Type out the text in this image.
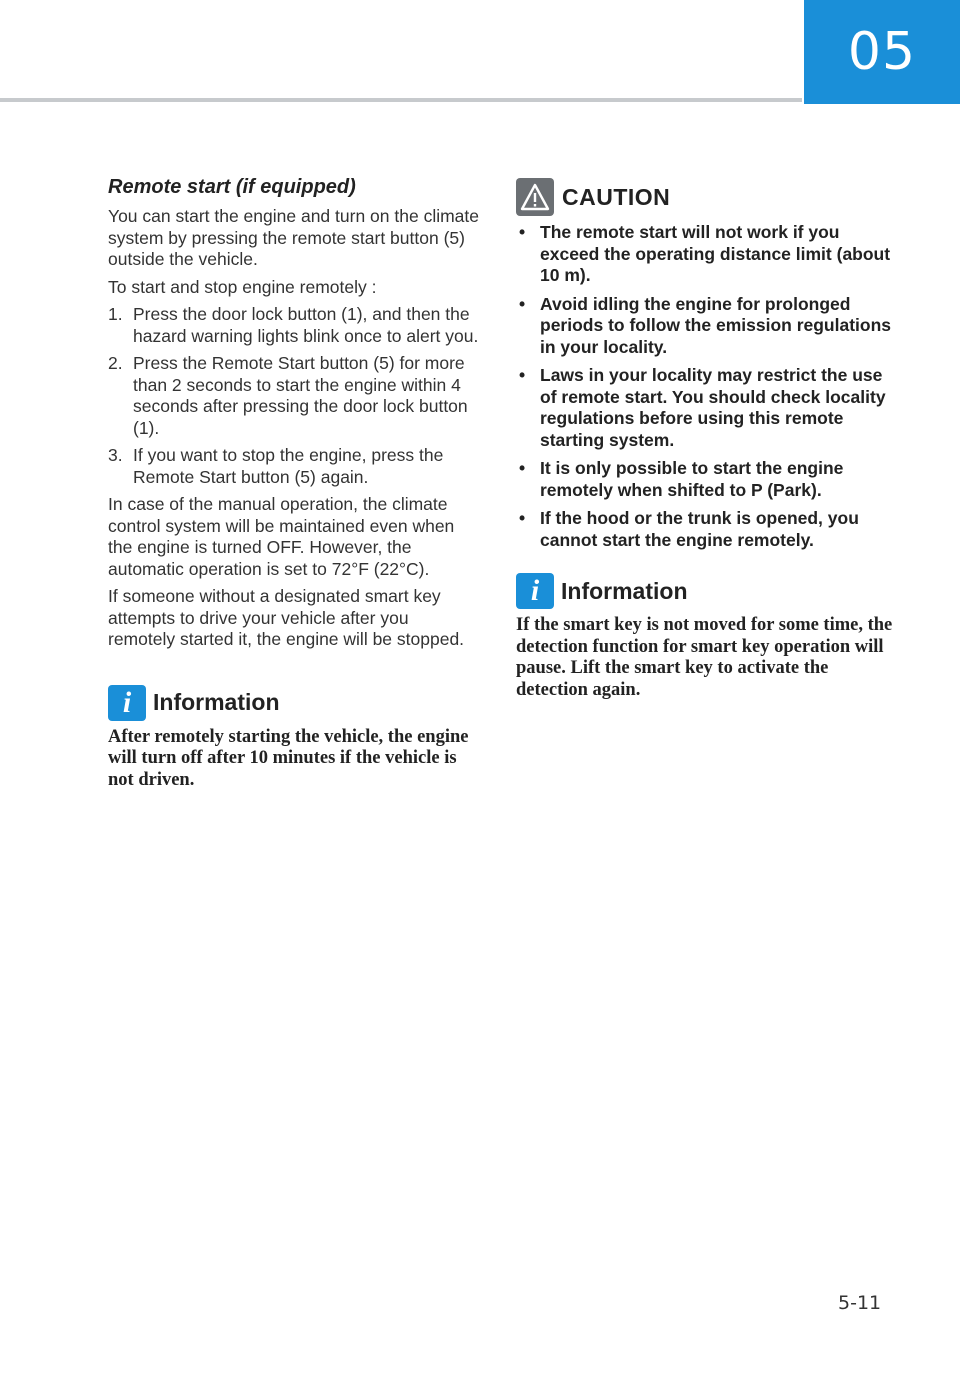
05
Remote start (if equipped)

You can start the engine and turn on the climate system by pressing the remote start button (5) outside the vehicle.

To start and stop engine remotely :

1. Press the door lock button (1), and then the hazard warning lights blink once to alert you.
2. Press the Remote Start button (5) for more than 2 seconds to start the engine within 4 seconds after pressing the door lock button (1).
3. If you want to stop the engine, press the Remote Start button (5) again.

In case of the manual operation, the climate control system will be maintained even when the engine is turned OFF. However, the automatic operation is set to 72°F (22°C).

If someone without a designated smart key attempts to drive your vehicle after you remotely started it, the engine will be stopped.

i Information

After remotely starting the vehicle, the engine will turn off after 10 minutes if the vehicle is not driven.

CAUTION
• The remote start will not work if you exceed the operating distance limit (about 10 m).
• Avoid idling the engine for prolonged periods to follow the emission regulations in your locality.
• Laws in your locality may restrict the use of remote start. You should check locality regulations before using this remote starting system.
• It is only possible to start the engine remotely when shifted to P (Park).
• If the hood or the trunk is opened, you cannot start the engine remotely.
i Information

If the smart key is not moved for some time, the detection function for smart key operation will pause. Lift the smart key to activate the detection again.

5-11
